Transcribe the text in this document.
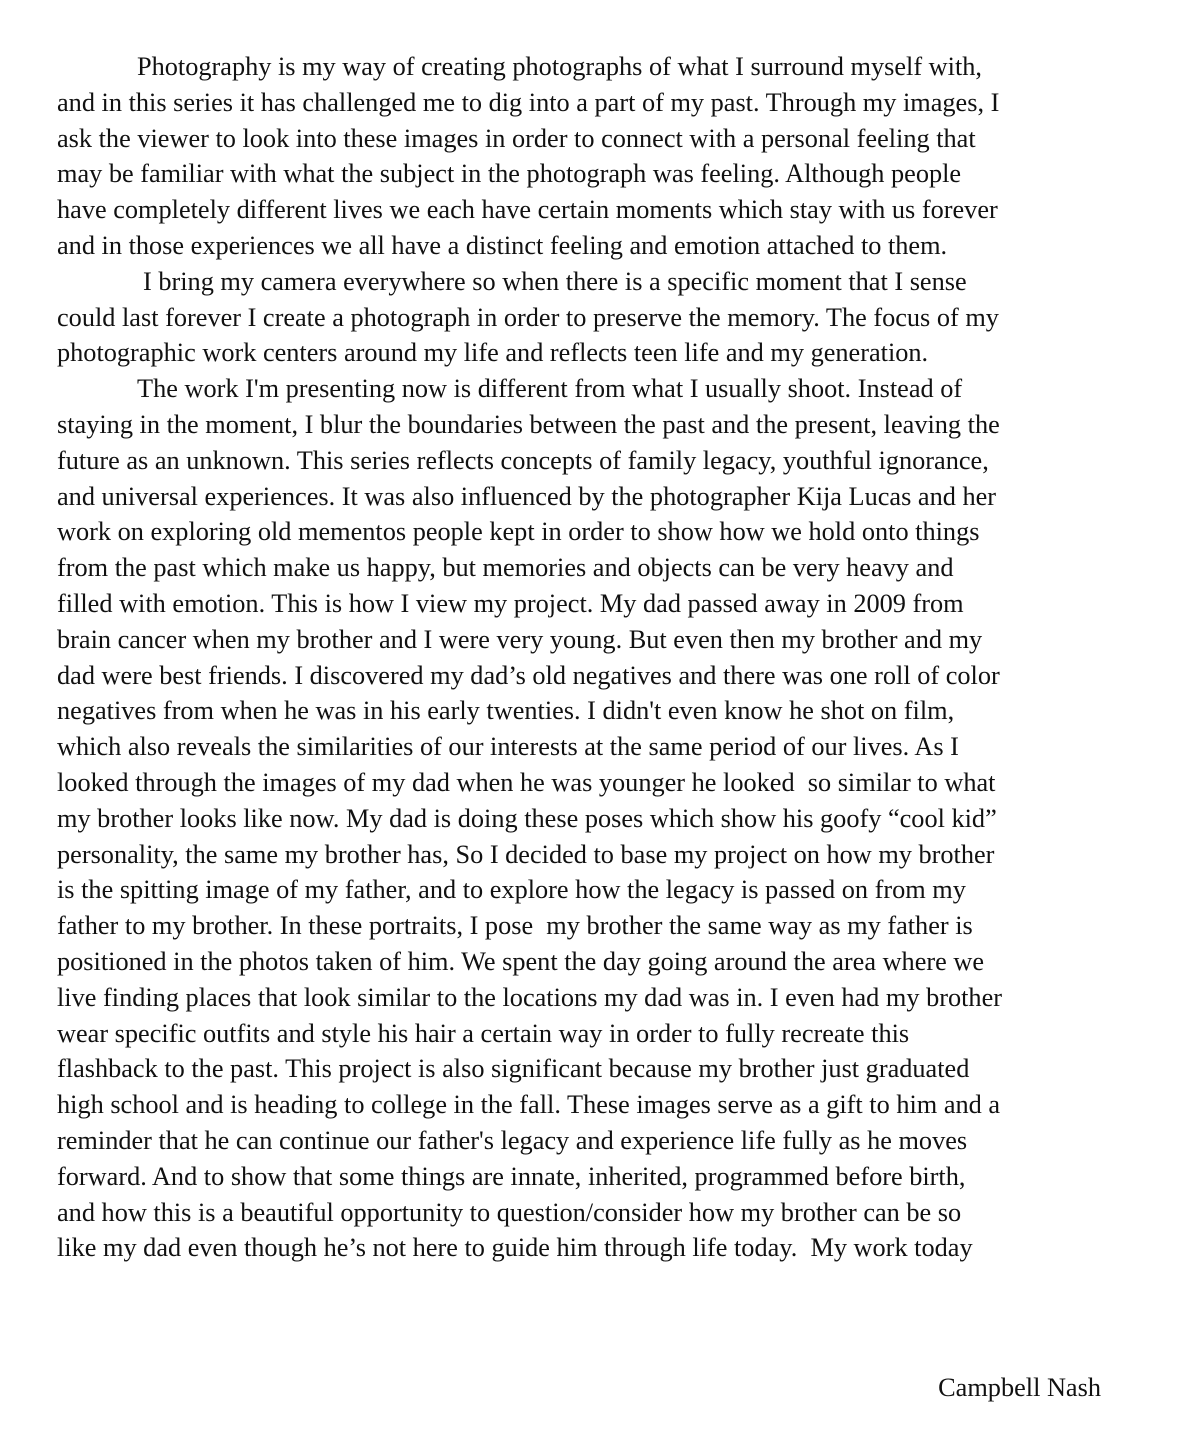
Photography is my way of creating photographs of what I surround myself with,
and in this series it has challenged me to dig into a part of my past. Through my images, I
ask the viewer to look into these images in order to connect with a personal feeling that
may be familiar with what the subject in the photograph was feeling. Although people
have completely different lives we each have certain moments which stay with us forever
and in those experiences we all have a distinct feeling and emotion attached to them.
I bring my camera everywhere so when there is a specific moment that I sense
could last forever I create a photograph in order to preserve the memory. The focus of my
photographic work centers around my life and reflects teen life and my generation.
The work I'm presenting now is different from what I usually shoot. Instead of
staying in the moment, I blur the boundaries between the past and the present, leaving the
future as an unknown. This series reflects concepts of family legacy, youthful ignorance,
and universal experiences. It was also influenced by the photographer Kija Lucas and her
work on exploring old mementos people kept in order to show how we hold onto things
from the past which make us happy, but memories and objects can be very heavy and
filled with emotion. This is how I view my project. My dad passed away in 2009 from
brain cancer when my brother and I were very young. But even then my brother and my
dad were best friends. I discovered my dad’s old negatives and there was one roll of color
negatives from when he was in his early twenties. I didn't even know he shot on film,
which also reveals the similarities of our interests at the same period of our lives. As I
looked through the images of my dad when he was younger he looked  so similar to what
my brother looks like now. My dad is doing these poses which show his goofy “cool kid”
personality, the same my brother has, So I decided to base my project on how my brother
is the spitting image of my father, and to explore how the legacy is passed on from my
father to my brother. In these portraits, I pose  my brother the same way as my father is
positioned in the photos taken of him. We spent the day going around the area where we
live finding places that look similar to the locations my dad was in. I even had my brother
wear specific outfits and style his hair a certain way in order to fully recreate this
flashback to the past. This project is also significant because my brother just graduated
high school and is heading to college in the fall. These images serve as a gift to him and a
reminder that he can continue our father's legacy and experience life fully as he moves
forward. And to show that some things are innate, inherited, programmed before birth,
and how this is a beautiful opportunity to question/consider how my brother can be so
like my dad even though he’s not here to guide him through life today.  My work today
Campbell Nash
